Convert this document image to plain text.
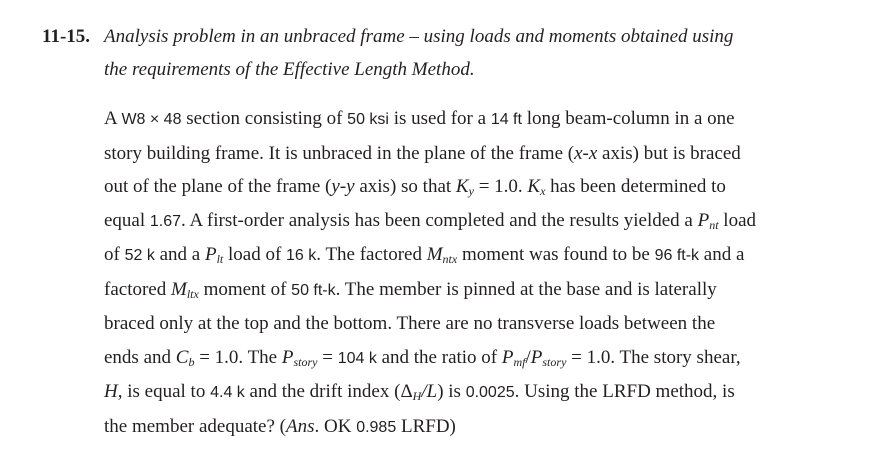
11-15. Analysis problem in an unbraced frame – using loads and moments obtained using
the requirements of the Effective Length Method.
A W8 × 48 section consisting of 50 ksi is used for a 14 ft long beam-column in a one
story building frame. It is unbraced in the plane of the frame (x-x axis) but is braced
out of the plane of the frame (y-y axis) so that $K_y = 1.0$. $K_x$ has been determined to
equal 1.67. A first-order analysis has been completed and the results yielded a $P_{nt}$ load
of 52 k and a $P_{lt}$ load of 16 k. The factored $M_{ntx}$ moment was found to be 96 ft-k and a
factored $M_{ltx}$ moment of 50 ft-k. The member is pinned at the base and is laterally
braced only at the top and the bottom. There are no transverse loads between the
ends and $C_b = 1.0$. The $P_{story} = 104$ k and the ratio of $P_{mf}/P_{story} = 1.0$. The story shear,
H, is equal to 4.4 k and the drift index $(\Delta_H/L)$ is 0.0025. Using the LRFD method, is
the member adequate? (Ans. OK 0.985 LRFD)
